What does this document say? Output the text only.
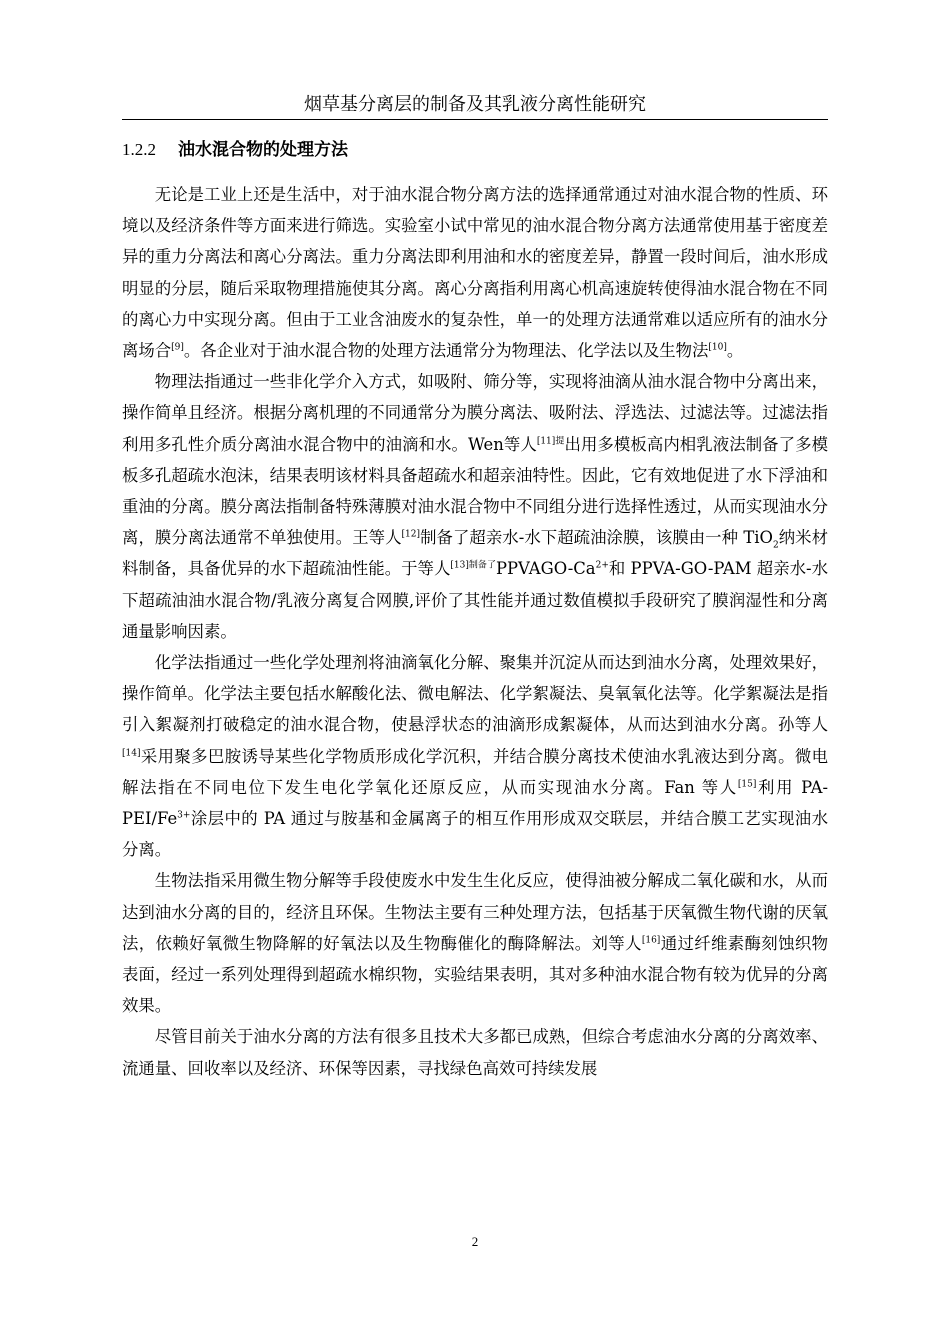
烟草基分离层的制备及其乳液分离性能研究
1.2.2 油水混合物的处理方法

无论是工业上还是生活中，对于油水混合物分离方法的选择通常通过对油水混合物的性质、环境以及经济条件等方面来进行筛选。实验室小试中常见的油水混合物分离方法通常使用基于密度差异的重力分离法和离心分离法。重力分离法即利用油和水的密度差异，静置一段时间后，油水形成明显的分层，随后采取物理措施使其分离。离心分离指利用离心机高速旋转使得油水混合物在不同的离心力中实现分离。但由于工业含油废水的复杂性，单一的处理方法通常难以适应所有的油水分离场合[9]。各企业对于油水混合物的处理方法通常分为物理法、化学法以及生物法[10]。

物理法指通过一些非化学介入方式，如吸附、筛分等，实现将油滴从油水混合物中分离出来，操作简单且经济。根据分离机理的不同通常分为膜分离法、吸附法、浮选法、过滤法等。过滤法指利用多孔性介质分离油水混合物中的油滴和水。Wen等人$^{[11]提}$出用多模板高内相乳液法制备了多模板多孔超疏水泡沫，结果表明该材料具备超疏水和超亲油特性。因此，它有效地促进了水下浮油和重油的分离。膜分离法指制备特殊薄膜对油水混合物中不同组分进行选择性透过，从而实现油水分离，膜分离法通常不单独使用。王等人[12]制备了超亲水-水下超疏油涂膜，该膜由一种 TiO$_2$纳米材料制备，具备优异的水下超疏油性能。于等人$^{[13]制备了}PPVAGO-Ca^{2+}$和 PPVA-GO-PAM 超亲水-水下超疏油油水混合物/乳液分离复合网膜,评价了其性能并通过数值模拟手段研究了膜润湿性和分离通量影响因素。

化学法指通过一些化学处理剂将油滴氧化分解、聚集并沉淀从而达到油水分离，处理效果好，操作简单。化学法主要包括水解酸化法、微电解法、化学絮凝法、臭氧氧化法等。化学絮凝法是指引入絮凝剂打破稳定的油水混合物，使悬浮状态的油滴形成絮凝体，从而达到油水分离。孙等人[14]采用聚多巴胺诱导某些化学物质形成化学沉积，并结合膜分离技术使油水乳液达到分离。微电解法指在不同电位下发生电化学氧化还原反应，从而实现油水分离。Fan 等人[15]利用 $PA-PEI/Fe^{3+}$涂层中的 PA 通过与胺基和金属离子的相互作用形成双交联层，并结合膜工艺实现油水分离。

生物法指采用微生物分解等手段使废水中发生生化反应，使得油被分解成二氧化碳和水，从而达到油水分离的目的，经济且环保。生物法主要有三种处理方法，包括基于厌氧微生物代谢的厌氧法，依赖好氧微生物降解的好氧法以及生物酶催化的酶降解法。刘等人[16]通过纤维素酶刻蚀织物表面，经过一系列处理得到超疏水棉织物，实验结果表明，其对多种油水混合物有较为优异的分离效果。

尽管目前关于油水分离的方法有很多且技术大多都已成熟，但综合考虑油水分离的分离效率、流通量、回收率以及经济、环保等因素，寻找绿色高效可持续发展

2
